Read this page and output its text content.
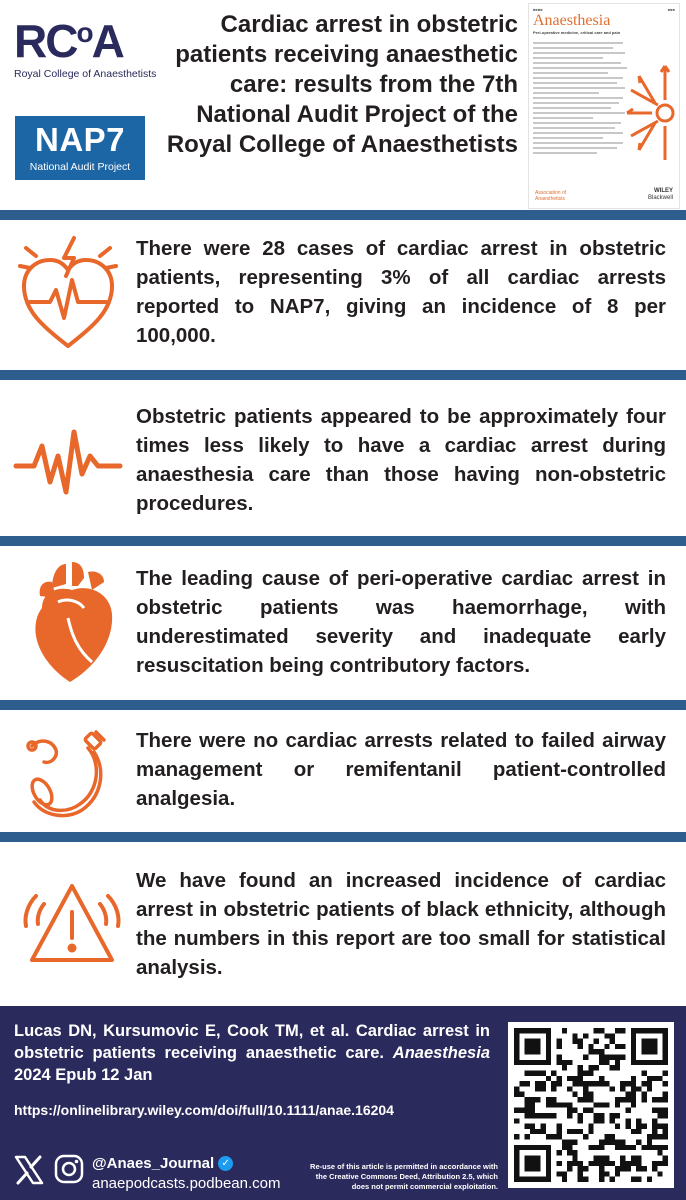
RC o A
Royal College of Anaesthetists
NAP7
National Audit Project
Cardiac arrest in obstetric patients receiving anaesthetic care: results from the 7th National Audit Project of the Royal College of Anaesthetists
■■■■	■■■
Anaesthesia
Peri-operative medicine, critical care and pain
Association of Anaesthetists
WILEY
Blackwell
There were 28 cases of cardiac arrest in obstetric patients, representing 3% of all cardiac arrests reported to NAP7, giving an incidence of 8 per 100,000.
Obstetric patients appeared to be approximately four times less likely to have a cardiac arrest during anaesthesia care than those having non-obstetric procedures.
The leading cause of peri-operative cardiac arrest in obstetric patients was haemorrhage, with underestimated severity and inadequate early resuscitation being contributory factors.
There were no cardiac arrests related to failed airway management or remifentanil patient-controlled analgesia.
We have found an increased incidence of cardiac arrest in obstetric patients of black ethnicity, although the numbers in this report are too small for statistical analysis.
Lucas DN, Kursumovic E, Cook TM, et al. Cardiac arrest in obstetric patients receiving anaesthetic care. Anaesthesia 2024 Epub 12 Jan
https://onlinelibrary.wiley.com/doi/full/10.1111/anae.16204
@Anaes_Journal ✓
anaepodcasts.podbean.com
Re-use of this article is permitted in accordance with the Creative Commons Deed, Attribution 2.5, which does not permit commercial exploitation.
